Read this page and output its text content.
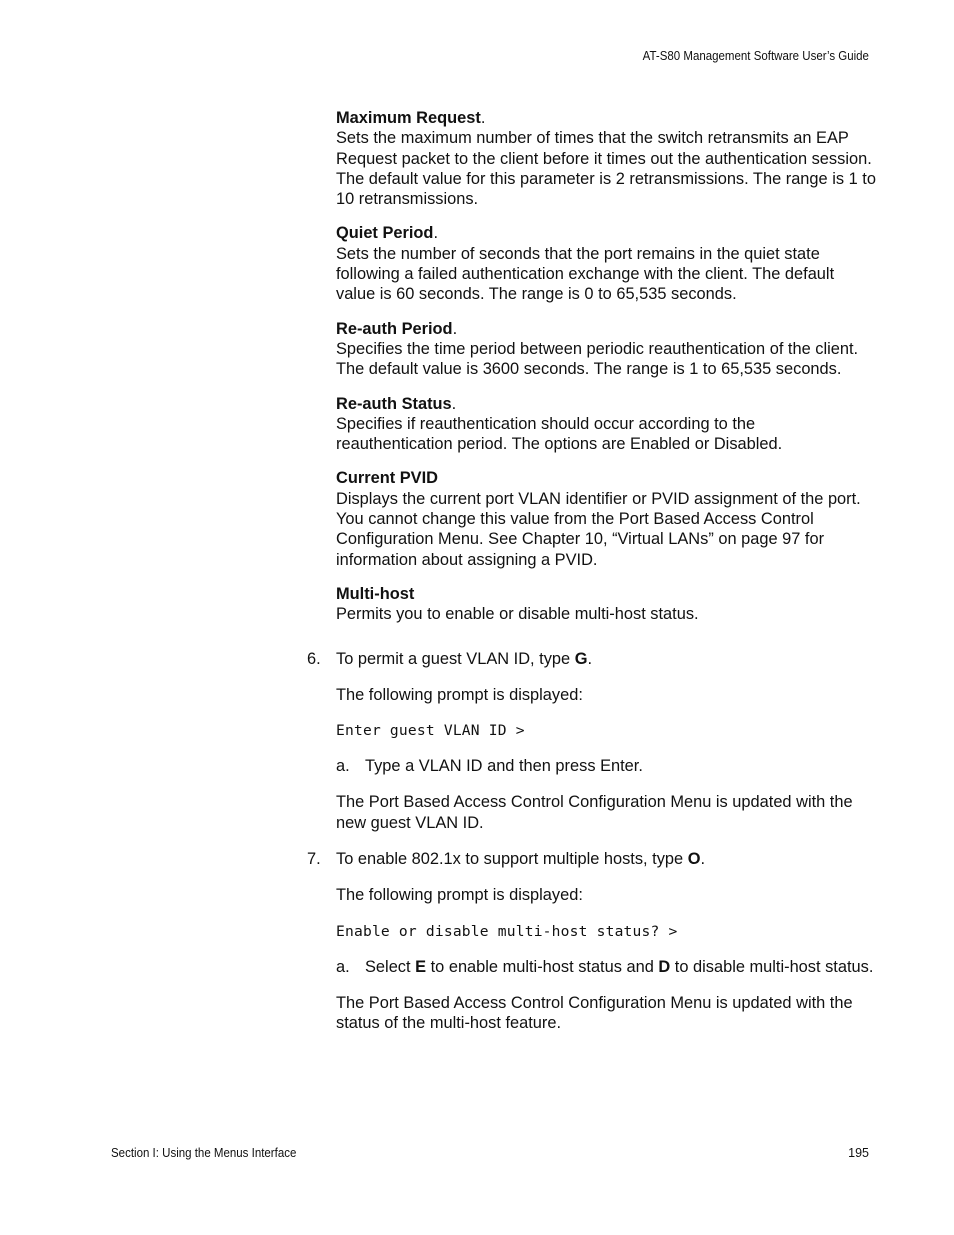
AT-S80 Management Software User’s Guide
Maximum Request.

Sets the maximum number of times that the switch retransmits an EAP Request packet to the client before it times out the authentication session. The default value for this parameter is 2 retransmissions. The range is 1 to 10 retransmissions.

Quiet Period.

Sets the number of seconds that the port remains in the quiet state following a failed authentication exchange with the client. The default value is 60 seconds. The range is 0 to 65,535 seconds.

Re-auth Period.

Specifies the time period between periodic reauthentication of the client. The default value is 3600 seconds. The range is 1 to 65,535 seconds.

Re-auth Status.

Specifies if reauthentication should occur according to the reauthentication period. The options are Enabled or Disabled.

Current PVID

Displays the current port VLAN identifier or PVID assignment of the port. You cannot change this value from the Port Based Access Control Configuration Menu. See Chapter 10, “Virtual LANs” on page 97 for information about assigning a PVID.

Multi-host

Permits you to enable or disable multi-host status.

6. To permit a guest VLAN ID, type G.

The following prompt is displayed:

Enter guest VLAN ID >
a. Type a VLAN ID and then press Enter.

The Port Based Access Control Configuration Menu is updated with the new guest VLAN ID.

7. To enable 802.1x to support multiple hosts, type O.

The following prompt is displayed:

Enable or disable multi-host status? >
a. Select E to enable multi-host status and D to disable multi-host status.

The Port Based Access Control Configuration Menu is updated with the status of the multi-host feature.

Section I: Using the Menus Interface	195
